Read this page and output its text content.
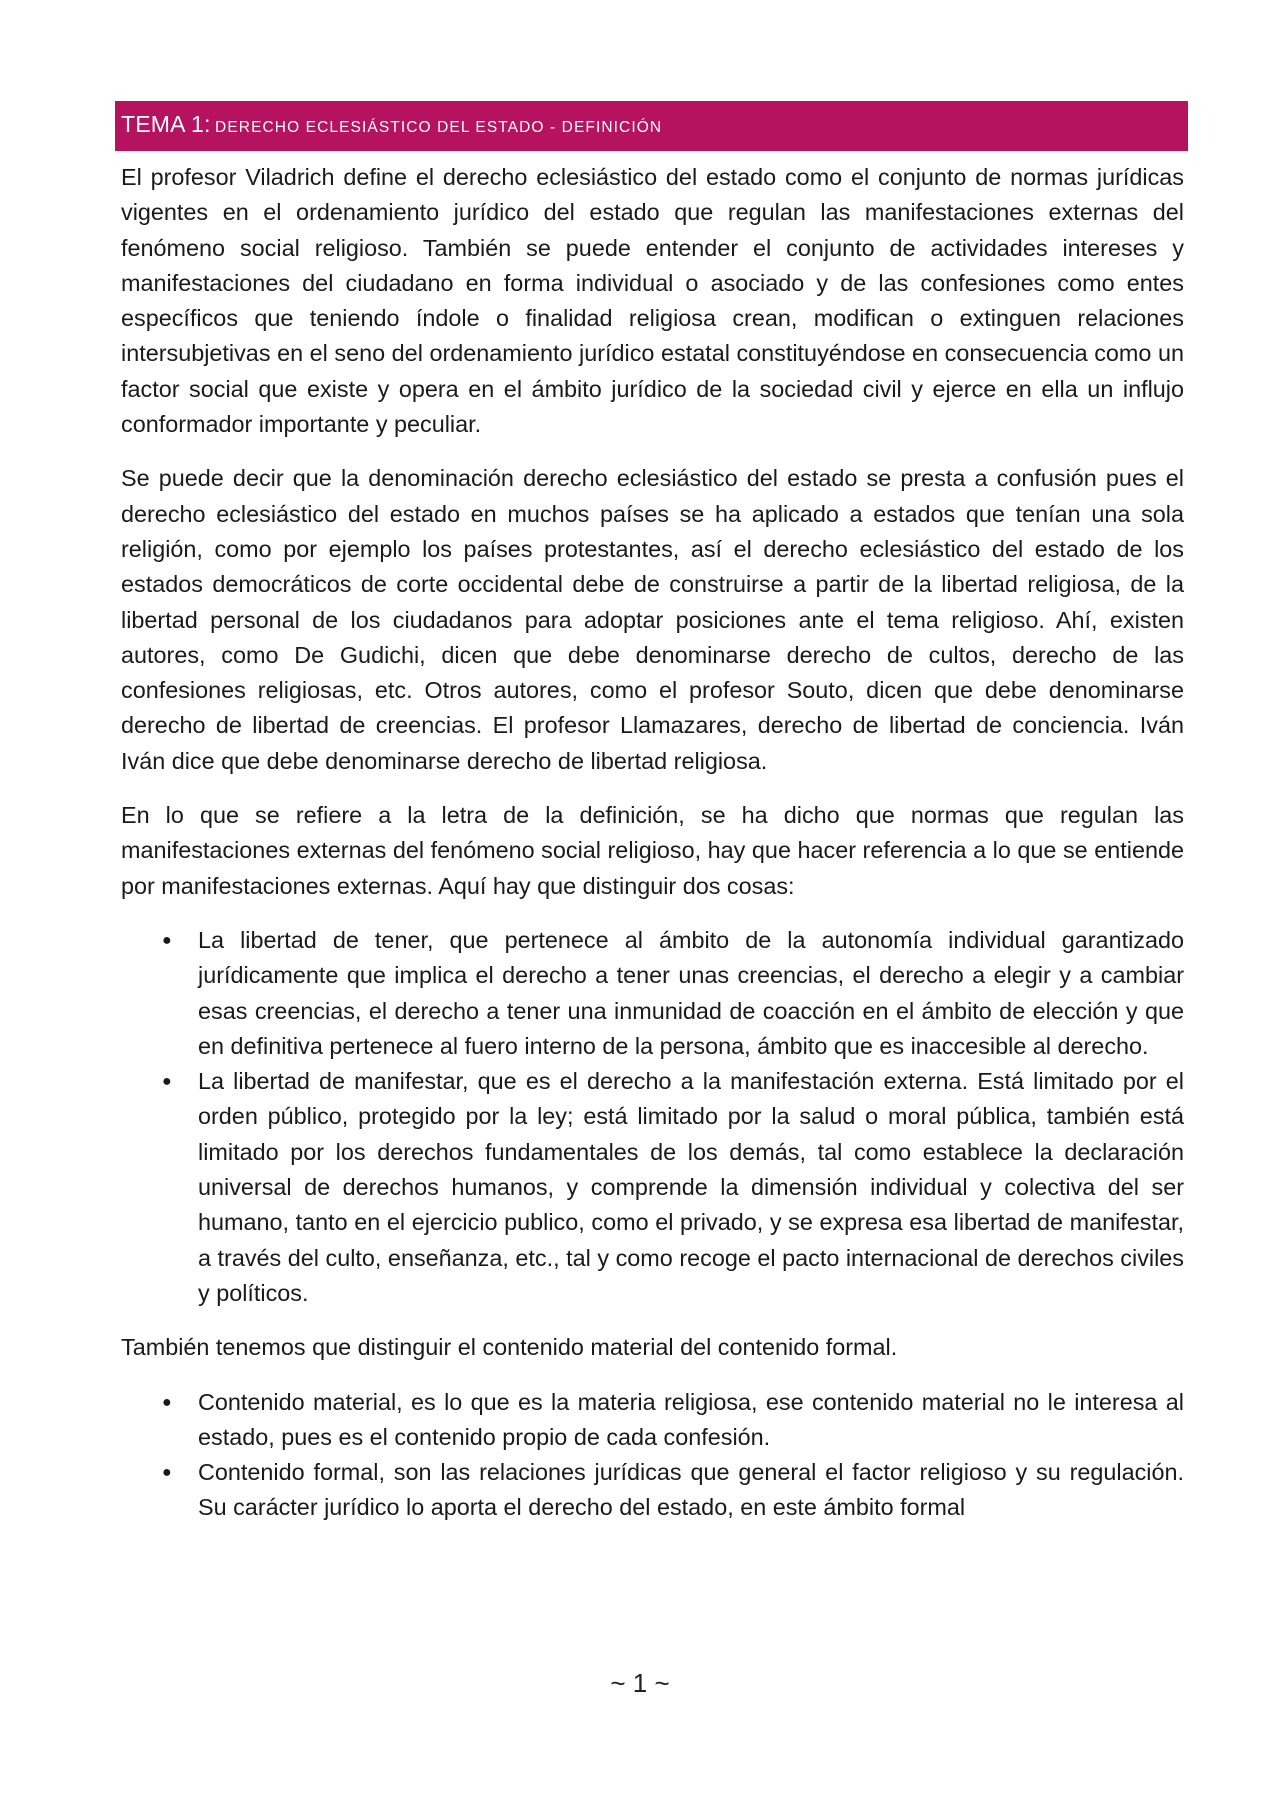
TEMA 1: DERECHO ECLESIÁSTICO DEL ESTADO - DEFINICIÓN

El profesor Viladrich define el derecho eclesiástico del estado como el conjunto de normas jurídicas vigentes en el ordenamiento jurídico del estado que regulan las manifestaciones externas del fenómeno social religioso. También se puede entender el conjunto de actividades intereses y manifestaciones del ciudadano en forma individual o asociado y de las confesiones como entes específicos que teniendo índole o finalidad religiosa crean, modifican o extinguen relaciones intersubjetivas en el seno del ordenamiento jurídico estatal constituyéndose en consecuencia como un factor social que existe y opera en el ámbito jurídico de la sociedad civil y ejerce en ella un influjo conformador importante y peculiar.

Se puede decir que la denominación derecho eclesiástico del estado se presta a confusión pues el derecho eclesiástico del estado en muchos países se ha aplicado a estados que tenían una sola religión, como por ejemplo los países protestantes, así el derecho eclesiástico del estado de los estados democráticos de corte occidental debe de construirse a partir de la libertad religiosa, de la libertad personal de los ciudadanos para adoptar posiciones ante el tema religioso. Ahí, existen autores, como De Gudichi, dicen que debe denominarse derecho de cultos, derecho de las confesiones religiosas, etc. Otros autores, como el profesor Souto, dicen que debe denominarse derecho de libertad de creencias. El profesor Llamazares, derecho de libertad de conciencia. Iván Iván dice que debe denominarse derecho de libertad religiosa.

En lo que se refiere a la letra de la definición, se ha dicho que normas que regulan las manifestaciones externas del fenómeno social religioso, hay que hacer referencia a lo que se entiende por manifestaciones externas. Aquí hay que distinguir dos cosas:

● La libertad de tener, que pertenece al ámbito de la autonomía individual garantizado jurídicamente que implica el derecho a tener unas creencias, el derecho a elegir y a cambiar esas creencias, el derecho a tener una inmunidad de coacción en el ámbito de elección y que en definitiva pertenece al fuero interno de la persona, ámbito que es inaccesible al derecho.
● La libertad de manifestar, que es el derecho a la manifestación externa. Está limitado por el orden público, protegido por la ley; está limitado por la salud o moral pública, también está limitado por los derechos fundamentales de los demás, tal como establece la declaración universal de derechos humanos, y comprende la dimensión individual y colectiva del ser humano, tanto en el ejercicio publico, como el privado, y se expresa esa libertad de manifestar, a través del culto, enseñanza, etc., tal y como recoge el pacto internacional de derechos civiles y políticos.

También tenemos que distinguir el contenido material del contenido formal.

● Contenido material, es lo que es la materia religiosa, ese contenido material no le interesa al estado, pues es el contenido propio de cada confesión.
● Contenido formal, son las relaciones jurídicas que general el factor religioso y su regulación. Su carácter jurídico lo aporta el derecho del estado, en este ámbito formal
~ 1 ~
